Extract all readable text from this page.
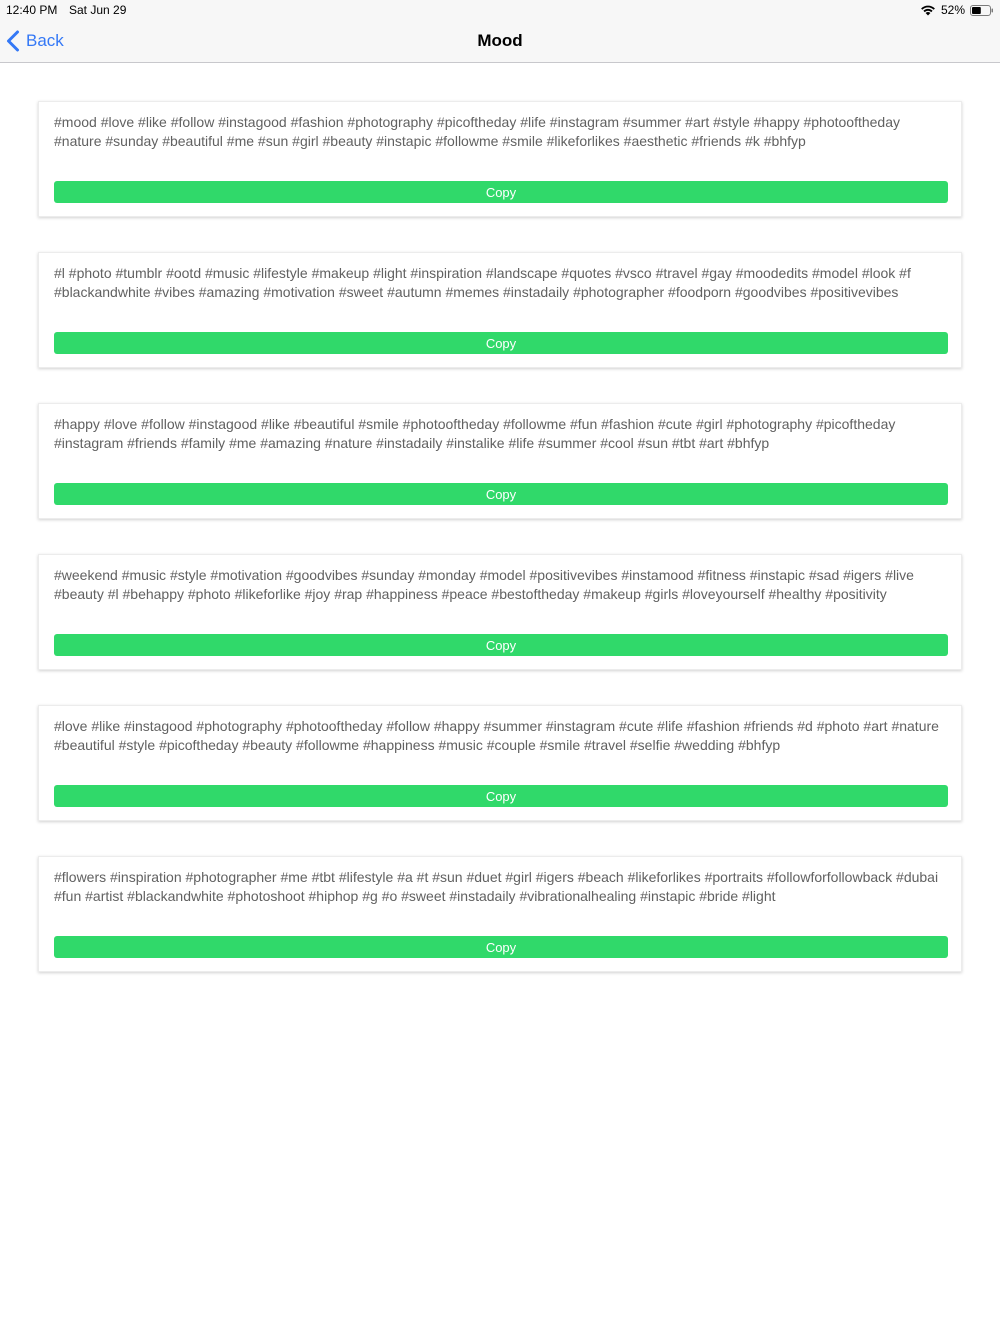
12:40 PM Sat Jun 29	52%
Back	Mood
#mood #love #like #follow #instagood #fashion #photography #picoftheday #life #instagram #summer #art #style #happy #photooftheday #nature #sunday #beautiful #me #sun #girl #beauty #instapic #followme #smile #likeforlikes #aesthetic #friends #k #bhfyp
Copy
#l #photo #tumblr #ootd #music #lifestyle #makeup #light #inspiration #landscape #quotes #vsco #travel #gay #moodedits #model #look #f #blackandwhite #vibes #amazing #motivation #sweet #autumn #memes #instadaily #photographer #foodporn #goodvibes #positivevibes
Copy
#happy #love #follow #instagood #like #beautiful #smile #photooftheday #followme #fun #fashion #cute #girl #photography #picoftheday #instagram #friends #family #me #amazing #nature #instadaily #instalike #life #summer #cool #sun #tbt #art #bhfyp
Copy
#weekend #music #style #motivation #goodvibes #sunday #monday #model #positivevibes #instamood #fitness #instapic #sad #igers #live #beauty #l #behappy #photo #likeforlike #joy #rap #happiness #peace #bestoftheday #makeup #girls #loveyourself #healthy #positivity
Copy
#love #like #instagood #photography #photooftheday #follow #happy #summer #instagram #cute #life #fashion #friends #d #photo #art #nature #beautiful #style #picoftheday #beauty #followme #happiness #music #couple #smile #travel #selfie #wedding #bhfyp
Copy
#flowers #inspiration #photographer #me #tbt #lifestyle #a #t #sun #duet #girl #igers #beach #likeforlikes #portraits #followforfollowback #dubai #fun #artist #blackandwhite #photoshoot #hiphop #g #o #sweet #instadaily #vibrationalhealing #instapic #bride #light
Copy
